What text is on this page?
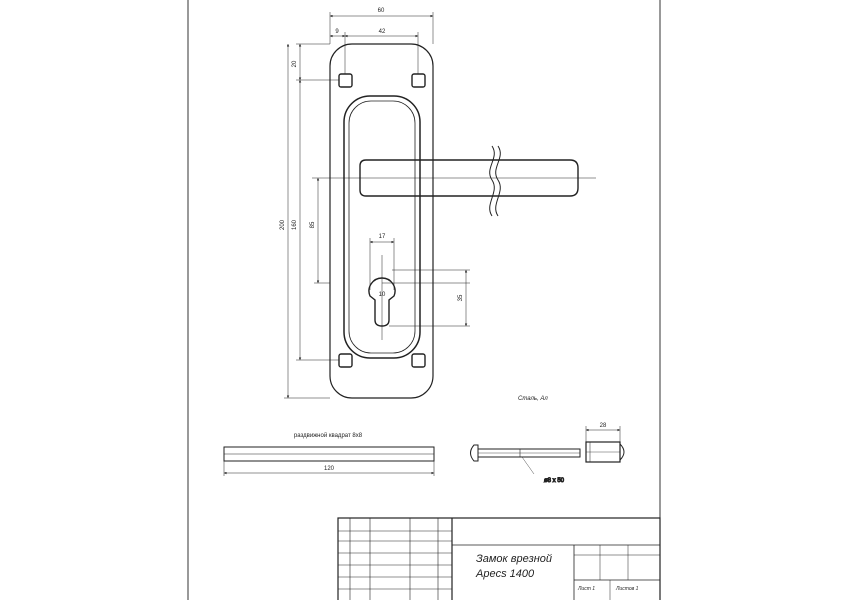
60
9	42
20
200 160 85
17
10	35
Сталь, Ал
раздвижной квадрат 8х8
120
ø8 x 50
28
Замок врезной
Apecs 1400
Лист 1	Листов 1
